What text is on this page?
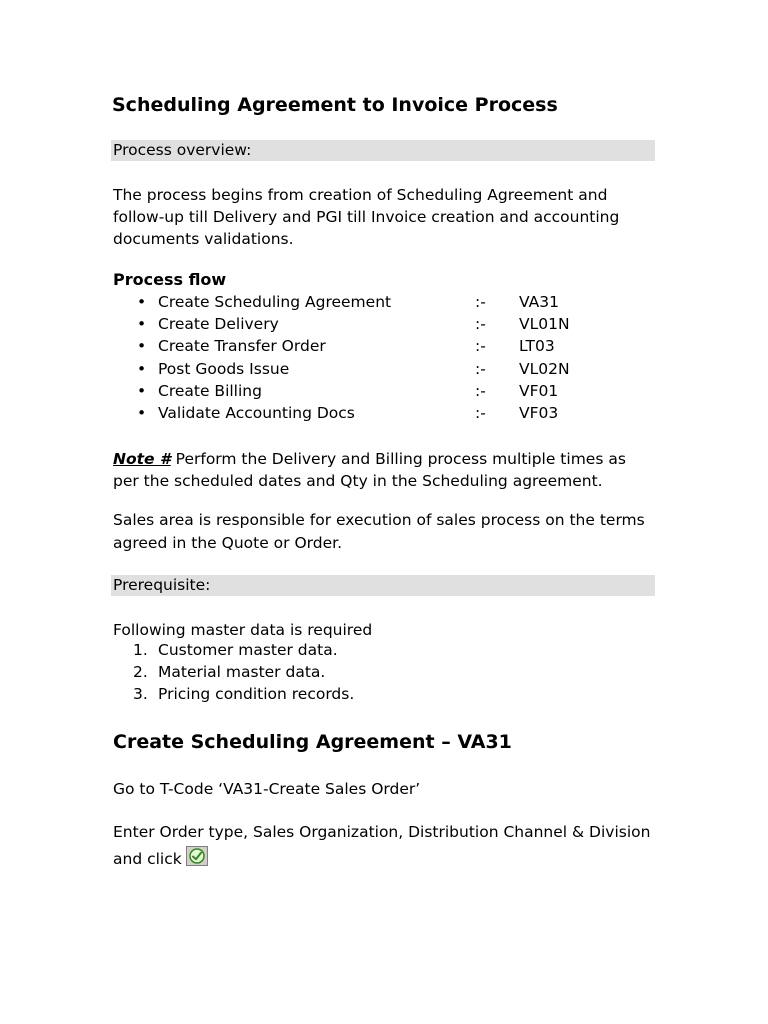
Scheduling Agreement to Invoice Process
Process overview:
The process begins from creation of Scheduling Agreement and
follow-up till Delivery and PGI till Invoice creation and accounting
documents validations.
Process flow
• Create Scheduling Agreement	:- VA31
• Create Delivery	:- VL01N
• Create Transfer Order	:- LT03
• Post Goods Issue	:- VL02N
• Create Billing	:- VF01
• Validate Accounting Docs	:- VF03
Note # Perform the Delivery and Billing process multiple times as
per the scheduled dates and Qty in the Scheduling agreement.
Sales area is responsible for execution of sales process on the terms
agreed in the Quote or Order.
Prerequisite:
Following master data is required
1. Customer master data.
2. Material master data.
3. Pricing condition records.
Create Scheduling Agreement – VA31
Go to T-Code ‘VA31-Create Sales Order’
Enter Order type, Sales Organization, Distribution Channel & Division
and click
